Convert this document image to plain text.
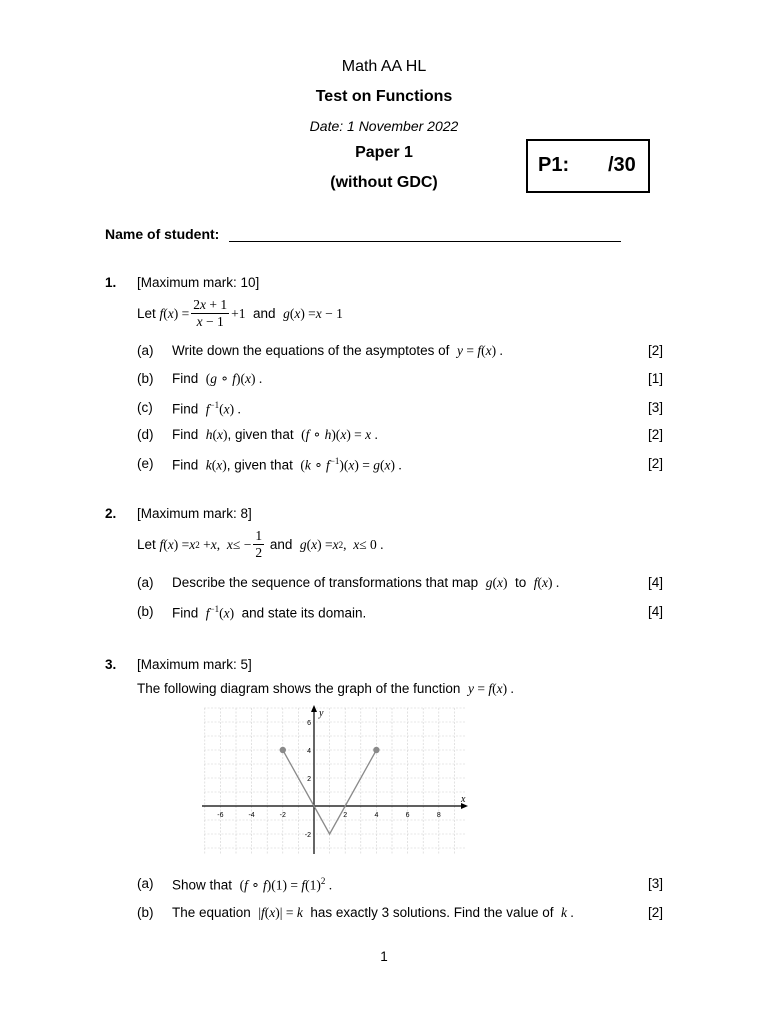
Math AA HL
Test on Functions
Date: 1 November 2022
Paper 1
(without GDC)
P1: /30
Name of student:
1. [Maximum mark: 10]
Let f ( x ) = $\frac{2x + 1}{x - 1} +1$ and g ( x ) = x − 1
(a) Write down the equations of the asymptotes of y = f(x) .	[2]
(b) Find (g ∘ f)(x) .	[1]
(c) Find $f^{-1}(x)$ .	[3]
(d) Find h(x), given that (f ∘ h)(x) = x .	[2]
(e) Find k(x), given that (k ∘ $f^{-1})(x) = g(x)$ .	[2]
2. [Maximum mark: 8]
Let f ( x ) = x 2 + x , x ≤ − $\frac{1}{2}$ and g ( x ) = x 2 , x ≤ 0 .
(a) Describe the sequence of transformations that map g(x) to f(x) .	[4]
(b) Find $f^{-1}(x)$ and state its domain.	[4]
3. [Maximum mark: 5]
The following diagram shows the graph of the function y = f(x) .
-6	-4	-2	2	4	6	8
6
4
2
-2
x
y
(a) Show that (f ∘ $f)(1) = f(1)^2$ .	[3]
(b) The equation |f(x)| = k has exactly 3 solutions. Find the value of k .	[2]
1
